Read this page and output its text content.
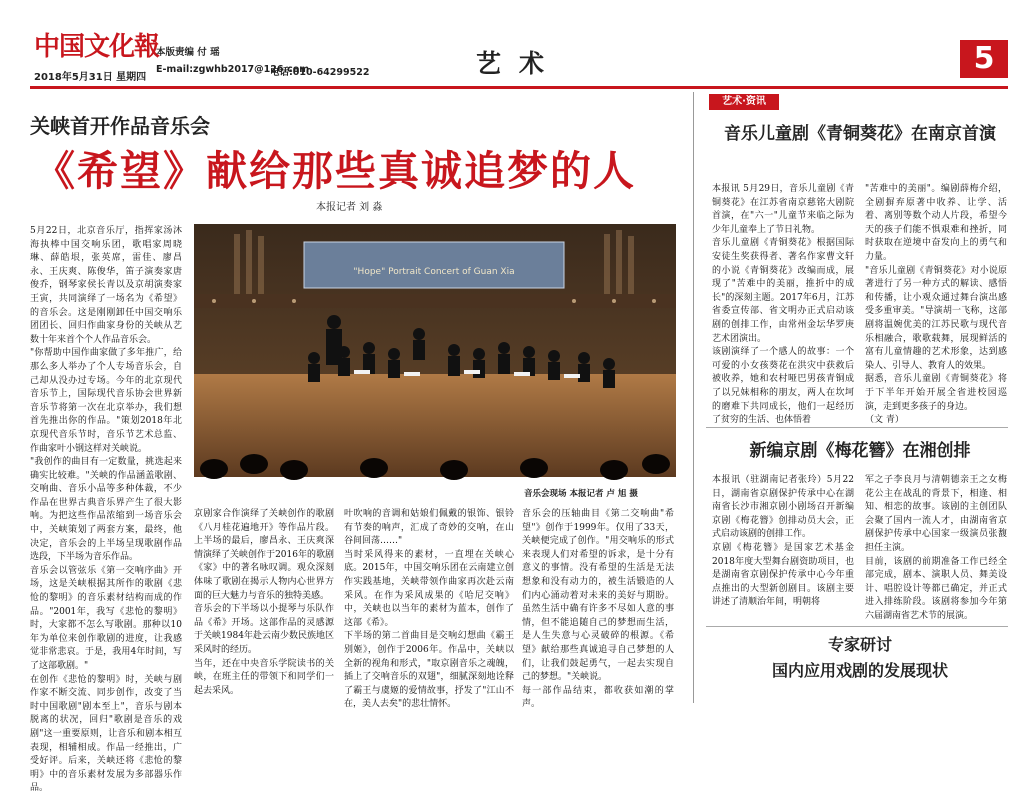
中国文化報
2018年5月31日 星期四
本版责编 付 瑶
E-mail:zgwhb2017@126.com
电话:010-64299522	艺术	5
关峡首开作品音乐会
《希望》献给那些真诚追梦的人
本报记者 刘 淼
5月22日，北京音乐厅，指挥家汤沐海执棒中国交响乐团，歌唱家周晓琳、薛皓垠，张英席，雷佳、廖昌永、王庆爽、陈俊华，笛子演奏家唐俊乔，钢琴家侯长青以及京胡演奏家王寅，共同演绎了一场名为《希望》的音乐会。这是刚刚卸任中国交响乐团团长、回归作曲家身份的关峡从艺数十年来首个个人作品音乐会。
"你帮助中国作曲家做了多年推广，给那么多人举办了个人专场音乐会，自己却从没办过专场。今年的北京现代音乐节上，国际现代音乐协会世界新音乐节将第一次在北京举办，我们想首先推出你的作品。"策划2018年北京现代音乐节时，音乐节艺术总监、作曲家叶小钢这样对关峡说。
"我创作的曲目有一定数量，挑选起来确实比较难。"关峡的作品涵盖歌剧、交响曲、音乐小品等多种体裁，不少作品在世界古典音乐界产生了很大影响。为把这些作品浓缩到一场音乐会中，关峡策划了两套方案，最终，他决定，音乐会的上半场呈现歌剧作品选段，下半场为音乐作品。
音乐会以管弦乐《第一交响序曲》开场，这是关峡根据其所作的歌剧《悲怆的黎明》的音乐素材结构而成的作品。"2001年，我写《悲怆的黎明》时，大家都不怎么写歌剧。那种以10年为单位来创作歌剧的进度，让我感觉非常悲哀。于是，我用4年时间，写了这部歌剧。"
在创作《悲怆的黎明》时，关峡与剧作家不断交流、同步创作，改变了当时中国歌剧"剧本至上"，音乐与剧本脱离的状况，回归"歌剧是音乐的戏剧"这一重要原则，让音乐和剧本相互表现，相辅相成。作品一经推出，广受好评。后来，关峡还将《悲怆的黎明》中的音乐素材发展为多部器乐作品。
"Hope" Portrait Concert of Guan Xia
音乐会现场 本报记者 卢 旭 摄
京剧家合作演绎了关峡创作的歌剧《八月桂花遍地开》等作品片段。上半场的最后，廖昌永、王庆爽深情演绎了关峡创作于2016年的歌剧《家》中的著名咏叹调。观众深刻体味了歌剧在揭示人物内心世界方面的巨大魅力与音乐的独特美感。
音乐会的下半场以小提琴与乐队作品《希》开场。这部作品的灵感源于关峡1984年赴云南少数民族地区采风时的经历。
当年，还在中央音乐学院读书的关峡，在班主任的带领下和同学们一起去采风。
叶吹响的音调和姑娘们佩戴的银饰、银铃有节奏的响声，汇成了奇妙的交响，在山谷间回荡……"
当时采风得来的素材，一直埋在关峡心底。2015年，中国交响乐团在云南建立创作实践基地，关峡带领作曲家再次赴云南采风。在作为采风成果的《哈尼交响》中，关峡也以当年的素材为蓝本，创作了这部《希》。
下半场的第二首曲目是交响幻想曲《霸王别姬》，创作于2006年。作品中，关峡以全新的视角和形式，"取京剧音乐之魂魄，插上了交响音乐的双翅"，细腻深刻地诠释了霸王与虞姬的爱情故事，抒发了"江山不在，美人去矣"的悲壮情怀。
音乐会的压轴曲目《第二交响曲"希望"》创作于1999年。仅用了33天，关峡便完成了创作。"用交响乐的形式来表现人们对希望的诉求，是十分有意义的事情。没有希望的生活是无法想象和没有动力的，被生活锻造的人们内心涌动着对未来的美好与期盼。虽然生活中确有许多不尽如人意的事情，但不能追随自己的梦想而生活，是人生失意与心灵破碎的根源。《希望》献给那些真诚追寻自己梦想的人们，让我们鼓起勇气，一起去实现自己的梦想。"关峡说。
每一部作品结束，都收获如潮的掌声。
艺术·资讯
音乐儿童剧《青铜葵花》在南京首演
本报讯 5月29日，音乐儿童剧《青铜葵花》在江苏省南京慈铭大剧院首演，在"六一"儿童节来临之际为少年儿童奉上了节日礼物。
音乐儿童剧《青铜葵花》根据国际安徒生奖获得者、著名作家曹文轩的小说《青铜葵花》改编而成，展现了"苦难中的美丽，推折中的成长"的深刻主题。2017年6月，江苏省委宣传部、省文明办正式启动该剧的创排工作，由常州金坛华罗庚艺术团演出。
该剧演绎了一个感人的故事：一个可爱的小女孩葵花在洪灾中获救后被收养，她和农村哑巴男孩青铜成了以兄妹相称的朋友，两人在坎坷的磨难下共同成长，他们一起经历了贫穷的生活、也体悟着
"苦难中的美丽"。编剧薛梅介绍，全剧摒弃原著中收养、让学、活着、离别等数个动人片段，希望今天的孩子们能不惧艰难和挫折，同时获取在逆境中奋发向上的勇气和力量。
"音乐儿童剧《青铜葵花》对小说原著进行了另一种方式的解读、感悟和传播，让小观众通过舞台演出感受多重审美。"导演胡一飞称，这部剧将温婉优美的江苏民歌与现代音乐相融合，歌歌载舞，展现鲜活的富有儿童情趣的艺术形象，达到感染人、引导人、教育人的效果。
据悉，音乐儿童剧《青铜葵花》将于下半年开始开展全省进校园巡演，走到更多孩子的身边。
（文 青）
新编京剧《梅花簪》在湘创排
本报讯（驻湖南记者张玲）5月22日，湖南省京剧保护传承中心在湖南省长沙市湘京剧小剧场召开新编京剧《梅花簪》创排动员大会，正式启动该剧的创排工作。
京剧《梅花簪》是国家艺术基金2018年度大型舞台剧资助项目，也是湖南省京剧保护传承中心今年重点推出的大型新创剧目。该剧主要讲述了清顺治年间，明朝将
军之子李良月与清朝德亲王之女梅花公主在战乱的背景下，相逢、相知、相恋的故事。该剧的主创团队会聚了国内一流人才，由湖南省京剧保护传承中心国家一级演员张馥担任主演。
目前，该剧的前期准备工作已经全部完成，剧本、演职人员、舞美设计、唱腔设计等都已确定，并正式进入排练阶段。该剧将参加今年第六届湖南省艺术节的展演。
专家研讨
国内应用戏剧的发展现状
